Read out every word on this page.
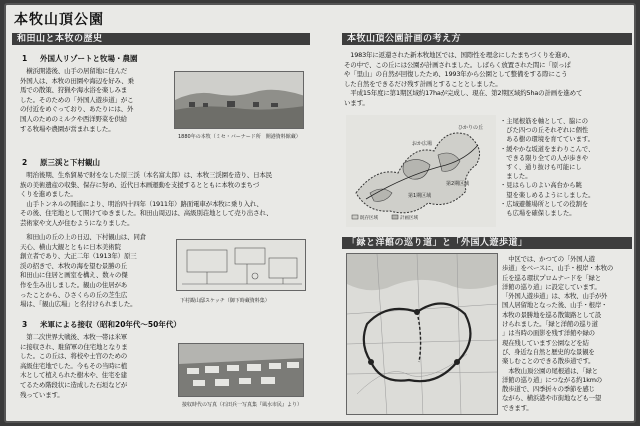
本牧山頂公園
和田山と本牧の歴史
1 外国人リゾートと牧場・農園
　横浜開港後、山手の居留地に住んだ
外国人は、本牧の田園や海辺を好み、乗
馬での散策、狩猟や海水浴を楽しみま
した。そのための「外国人遊歩道」がこ
の付近をめぐっており、あたりには、外
国人のためのミルクや西洋野菜を供給
する牧場や農園が営まれました。
1880年の本牧（ミセ・バーナード所　開港資料館蔵）
2 原三渓と下村観山
　明治後期、生糸貿易で財をなした原三渓（本名富太郎）は、本牧三渓園を造り、日本民
族の美術遺産の収集、保存に努め、近代日本画運動を支援するとともに本牧のまちづ
くりを進めました。
　山手トンネルの開通により、明治四十四年（1911年）路面電車が本牧に乗り入れ、
その後、住宅地として開けてゆきました。和田山周辺は、高級別荘地として売り出され、
芸術家や文人が住むようになりました。
　和田山の丘の上の日辺、下村観山は、同倉
天心、横山大観とともに日本美術院
創立者であり、大正二年（1913年）原三
渓の招きで、本牧の海を望む景勝の丘
和田山に住居と画室を構え、数々の傑
作を生み出しました。観山の住居があ
ったことから、ひさくらの丘の芝生広
場は、「観山広場」と名付けられました。	下村観山邸スケッチ（御下時蔵資料集）
3 米軍による接収（昭和20年代〜50年代）
　第二次世界大戦後、本牧一帯は米軍
に接収され、駐留軍の住宅地となりま
した。この丘は、将校や士官のための
高級住宅地でした。今もその当時に植
木として植えられた樹木や、住宅を建
てるため階段状に造成した石垣などが
残っています。
接収時代の写真（石田兵一写真集『風水市民』より）
本牧山頂公園計画の考え方
　1983年に返還された新本牧地区では、国際性を理念にしたまちづくりを進め、
その中で、この丘には公園が計画されました。しばらく放置された間に「原っぱ
や「里山」の自然が回復したため、1993年から公園として整備をする際にこう
した自然をできるだけ残す計画とすることとしました。
　平成15年度に第1期区域約17haが完成し、現在、第2期区域約5haの計画を進めて
います。
第1期区域
第2期区域
おか広場
ひかりの丘
既存区域	計画区域
・主尾根筋を軸として、脇にの
　びた四つの丘それぞれに個性
　ある樹の環境を育てています。
・緩やかな坂道をまわりこんで、
　できる限り全ての人が歩きや
　すく、通り抜けも可能にし
　ました。
・見はらしのよい高台から眺
　望を楽しめるようにしました。
・広域避難場所としての役割を
　も広場を確保しました。
「緑と洋館の巡り道」と「外国人遊歩道」
　中区では、かつての「外国人遊
歩道」をベースに、山手・根岸・本牧の
丘を巡る環状プロムナードを「緑と
洋館の巡り道」に設定しています。
「外国人遊歩道」は、本牧、山手が外
国人居留地となった後、山手・根岸・
本牧の景勝地を巡る散策路として設
けられました。「緑と洋館の巡り道
」は当時の面影を残す洋館や緑の
現在残しています公園などを結
び、身近な自然と歴史的な景観を
楽しむことのできる散歩道です。
　本牧山頂公園の尾根道は、「緑と
洋館の巡り道」につながる約1kmの
散歩道で、四季折々の季節を感じ
ながら、横浜港や市街地なども一望
できます。
